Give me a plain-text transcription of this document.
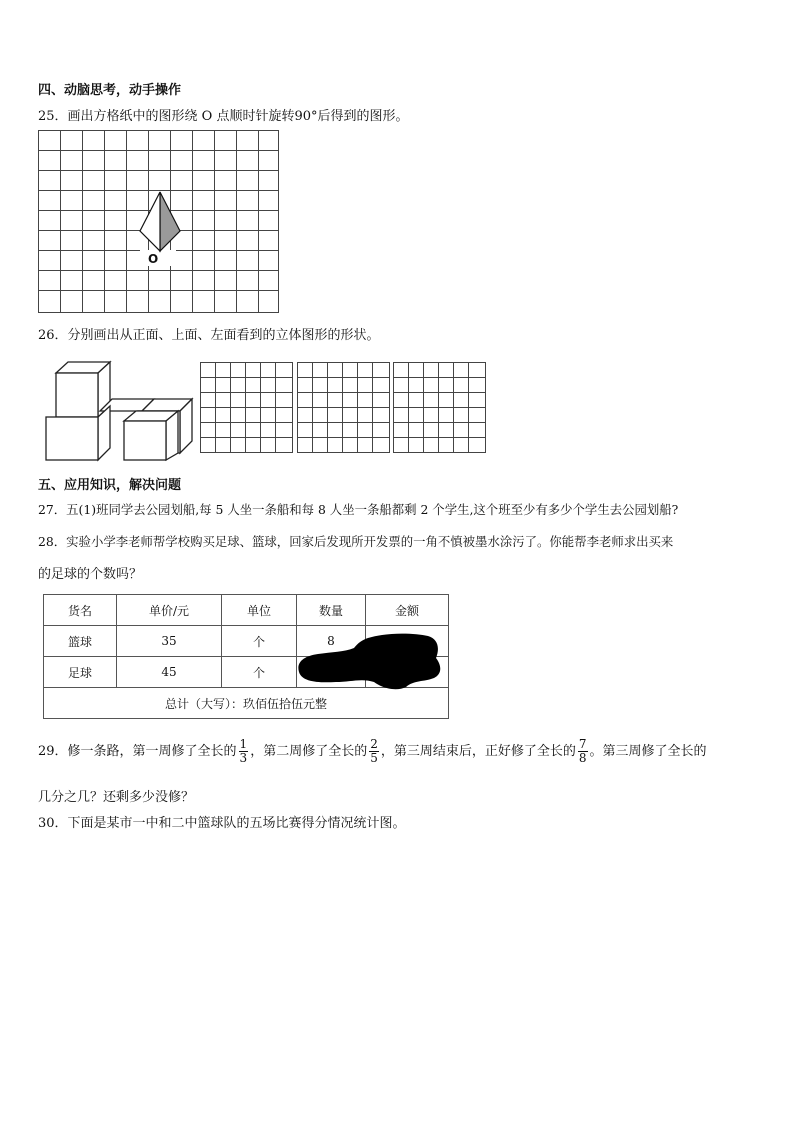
四、动脑思考，动手操作
25．画出方格纸中的图形绕 O 点顺时针旋转90°后得到的图形。
O
26．分别画出从正面、上面、左面看到的立体图形的形状。
五、应用知识，解决问题
27．五(1)班同学去公园划船,每 5 人坐一条船和每 8 人坐一条船都剩 2 个学生,这个班至少有多少个学生去公园划船?
28．实验小学李老师帮学校购买足球、篮球，回家后发现所开发票的一角不慎被墨水涂污了。你能帮李老师求出买来
的足球的个数吗？
货名	单价/元	单位	数量	金额
篮球	35	个	8	
足球	45	个		
总计（大写）：玖佰伍拾伍元整				
29．修一条路，第一周修了全长的 $\frac{1}{3}$ ，第二周修了全长的 $\frac{2}{5}$ ，第三周结束后，正好修了全长的 $\frac{7}{8}$ 。第三周修了全长的
几分之几？还剩多少没修？
30．下面是某市一中和二中篮球队的五场比赛得分情况统计图。
